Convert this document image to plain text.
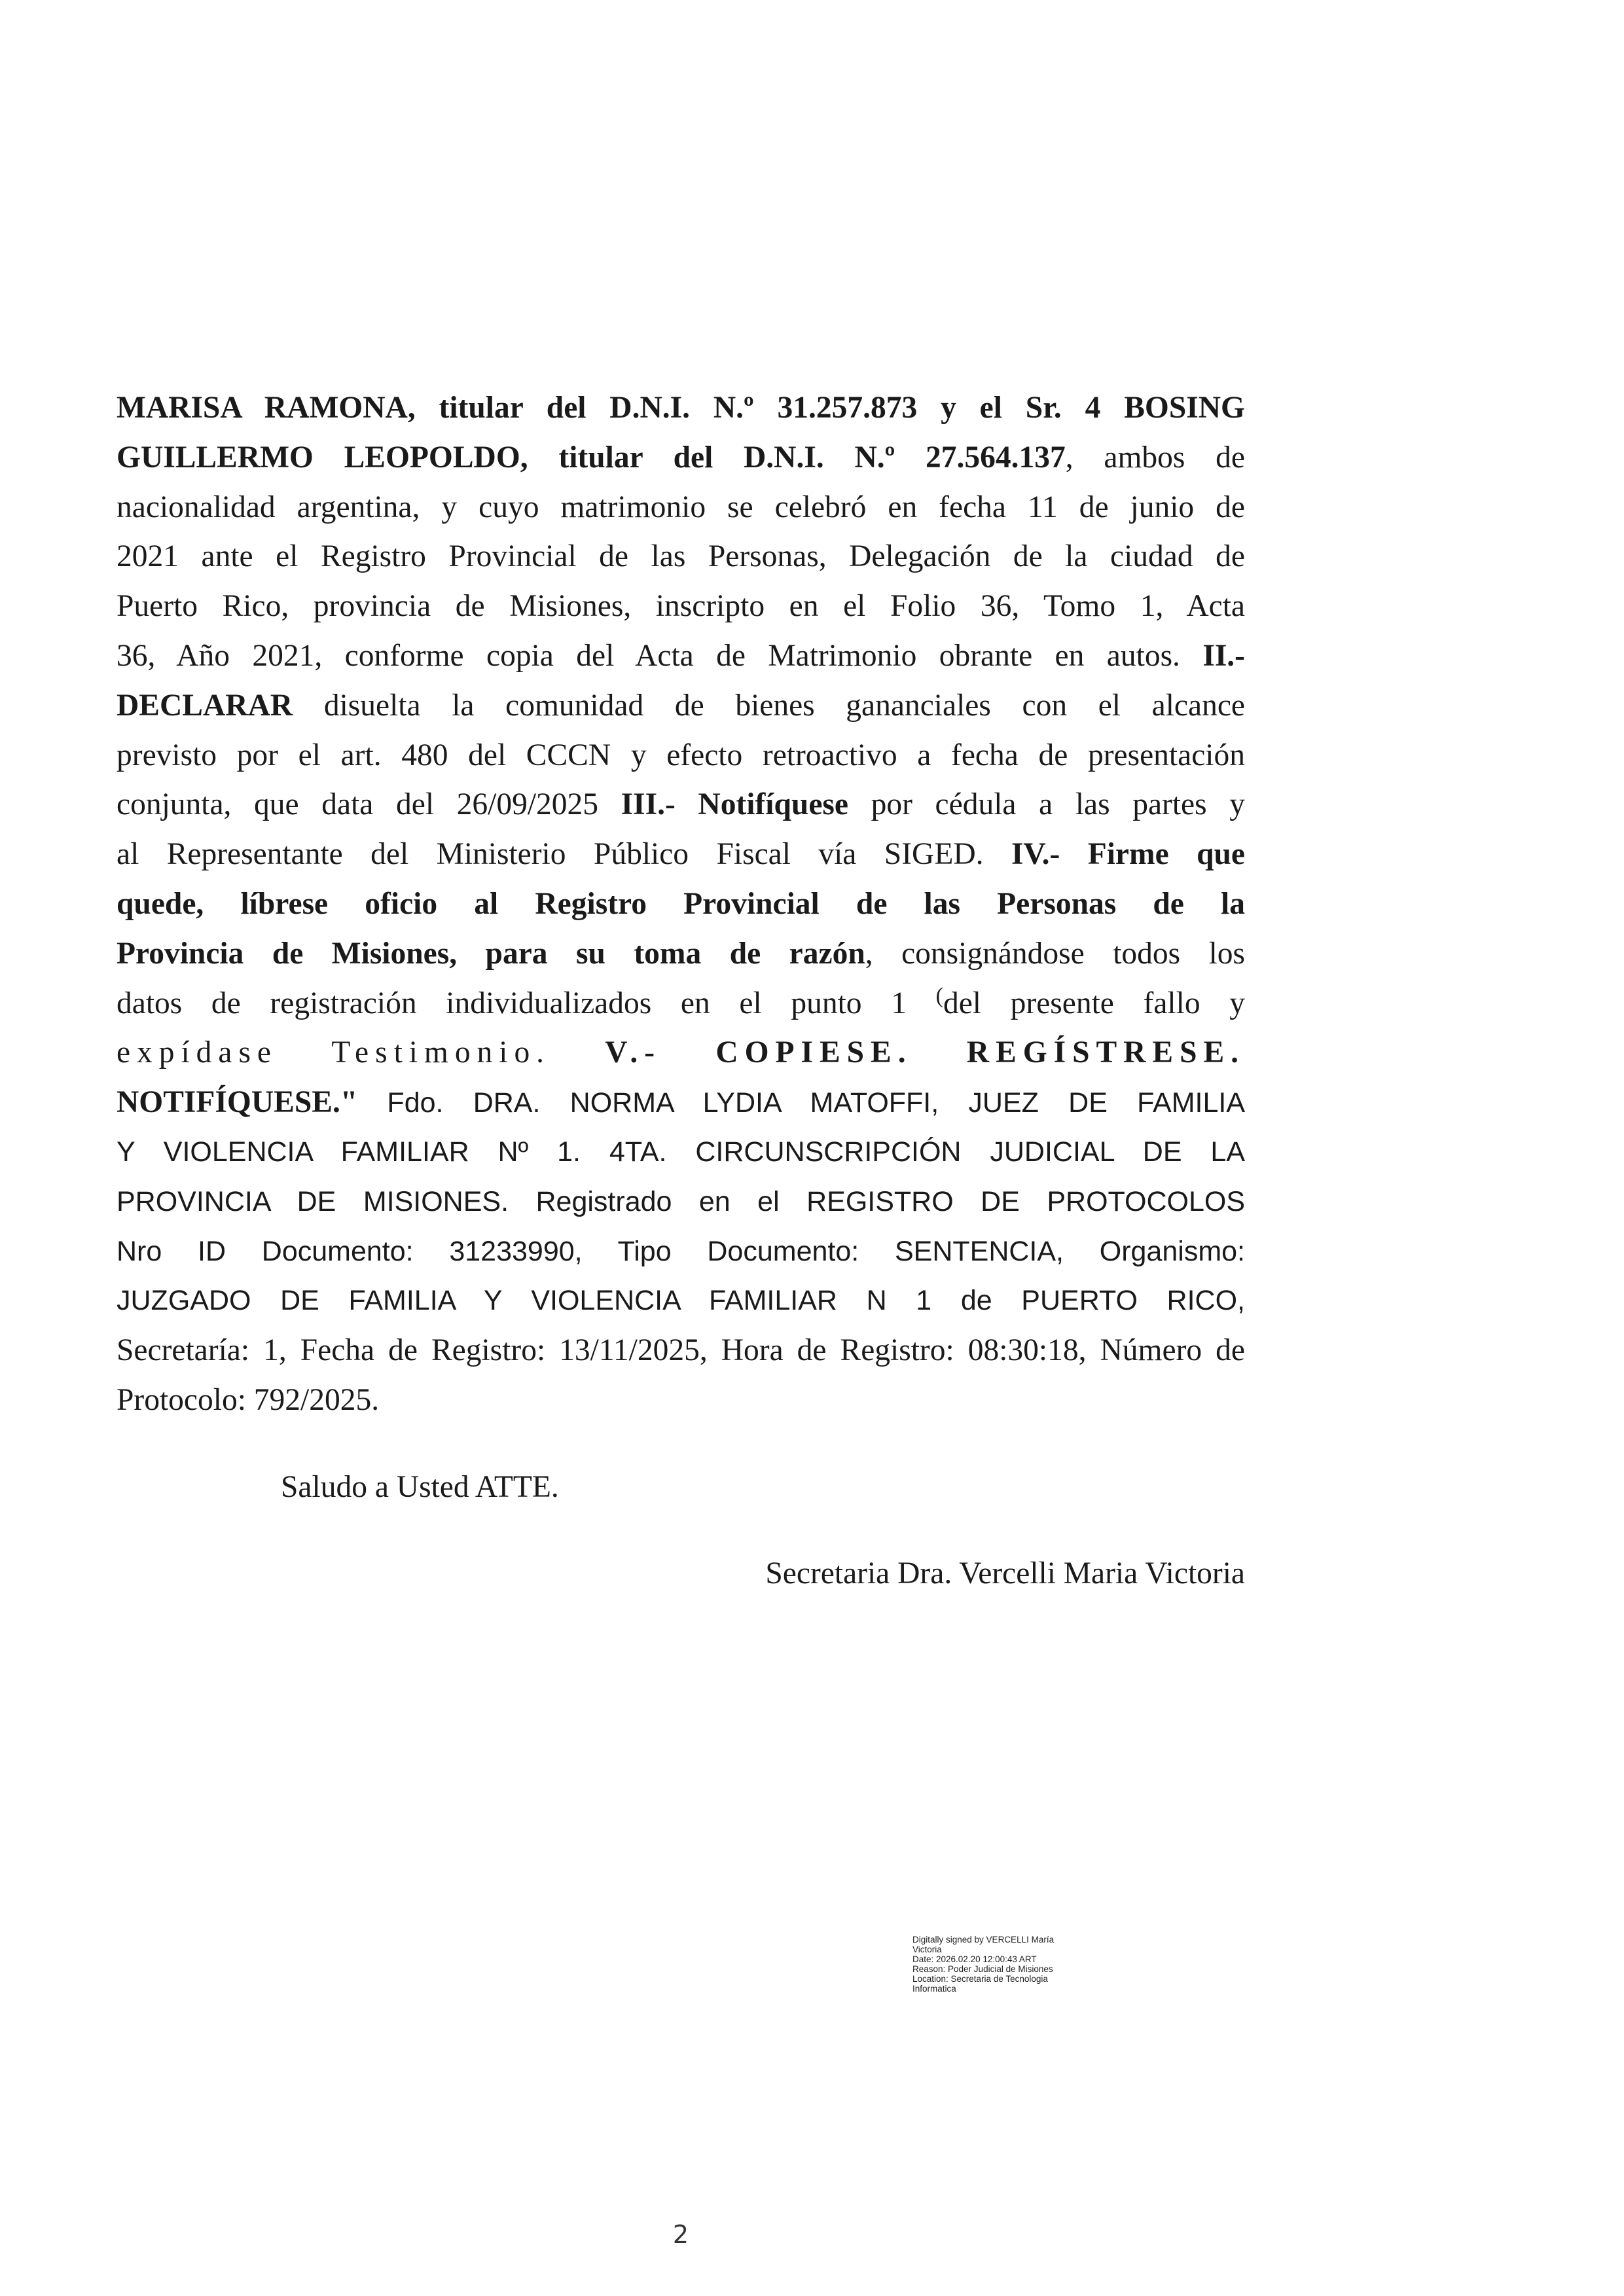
MARISA RAMONA, titular del D.N.I. N.º 31.257.873 y el Sr. 4 BOSING
GUILLERMO LEOPOLDO, titular del D.N.I. N.º 27.564.137, ambos de
nacionalidad argentina, y cuyo matrimonio se celebró en fecha 11 de junio de
2021 ante el Registro Provincial de las Personas, Delegación de la ciudad de
Puerto Rico, provincia de Misiones, inscripto en el Folio 36, Tomo 1, Acta
36, Año 2021, conforme copia del Acta de Matrimonio obrante en autos. II.-
DECLARAR disuelta la comunidad de bienes gananciales con el alcance
previsto por el art. 480 del CCCN y efecto retroactivo a fecha de presentación
conjunta, que data del 26/09/2025 III.- Notifíquese por cédula a las partes y
al Representante del Ministerio Público Fiscal vía SIGED. IV.- Firme que
quede, líbrese oficio al Registro Provincial de las Personas de la
Provincia de Misiones, para su toma de razón, consignándose todos los
datos de registración individualizados en el punto 1 (del presente fallo y
expídase Testimonio. V.- COPIESE. REGÍSTRESE.
NOTIFÍQUESE." Fdo. DRA. NORMA LYDIA MATOFFI, JUEZ DE FAMILIA
Y VIOLENCIA FAMILIAR Nº 1. 4TA. CIRCUNSCRIPCIÓN JUDICIAL DE LA
PROVINCIA DE MISIONES. Registrado en el REGISTRO DE PROTOCOLOS
Nro ID Documento: 31233990, Tipo Documento: SENTENCIA, Organismo:
JUZGADO DE FAMILIA Y VIOLENCIA FAMILIAR N 1 de PUERTO RICO,
Secretaría: 1, Fecha de Registro: 13/11/2025, Hora de Registro: 08:30:18, Número de
Protocolo: 792/2025.

Saludo a Usted ATTE.

Secretaria Dra. Vercelli Maria Victoria

Digitally signed by VERCELLI María
Victoria
Date: 2026.02.20 12:00:43 ART
Reason: Poder Judicial de Misiones
Location: Secretaria de Tecnologia
Informatica
2
